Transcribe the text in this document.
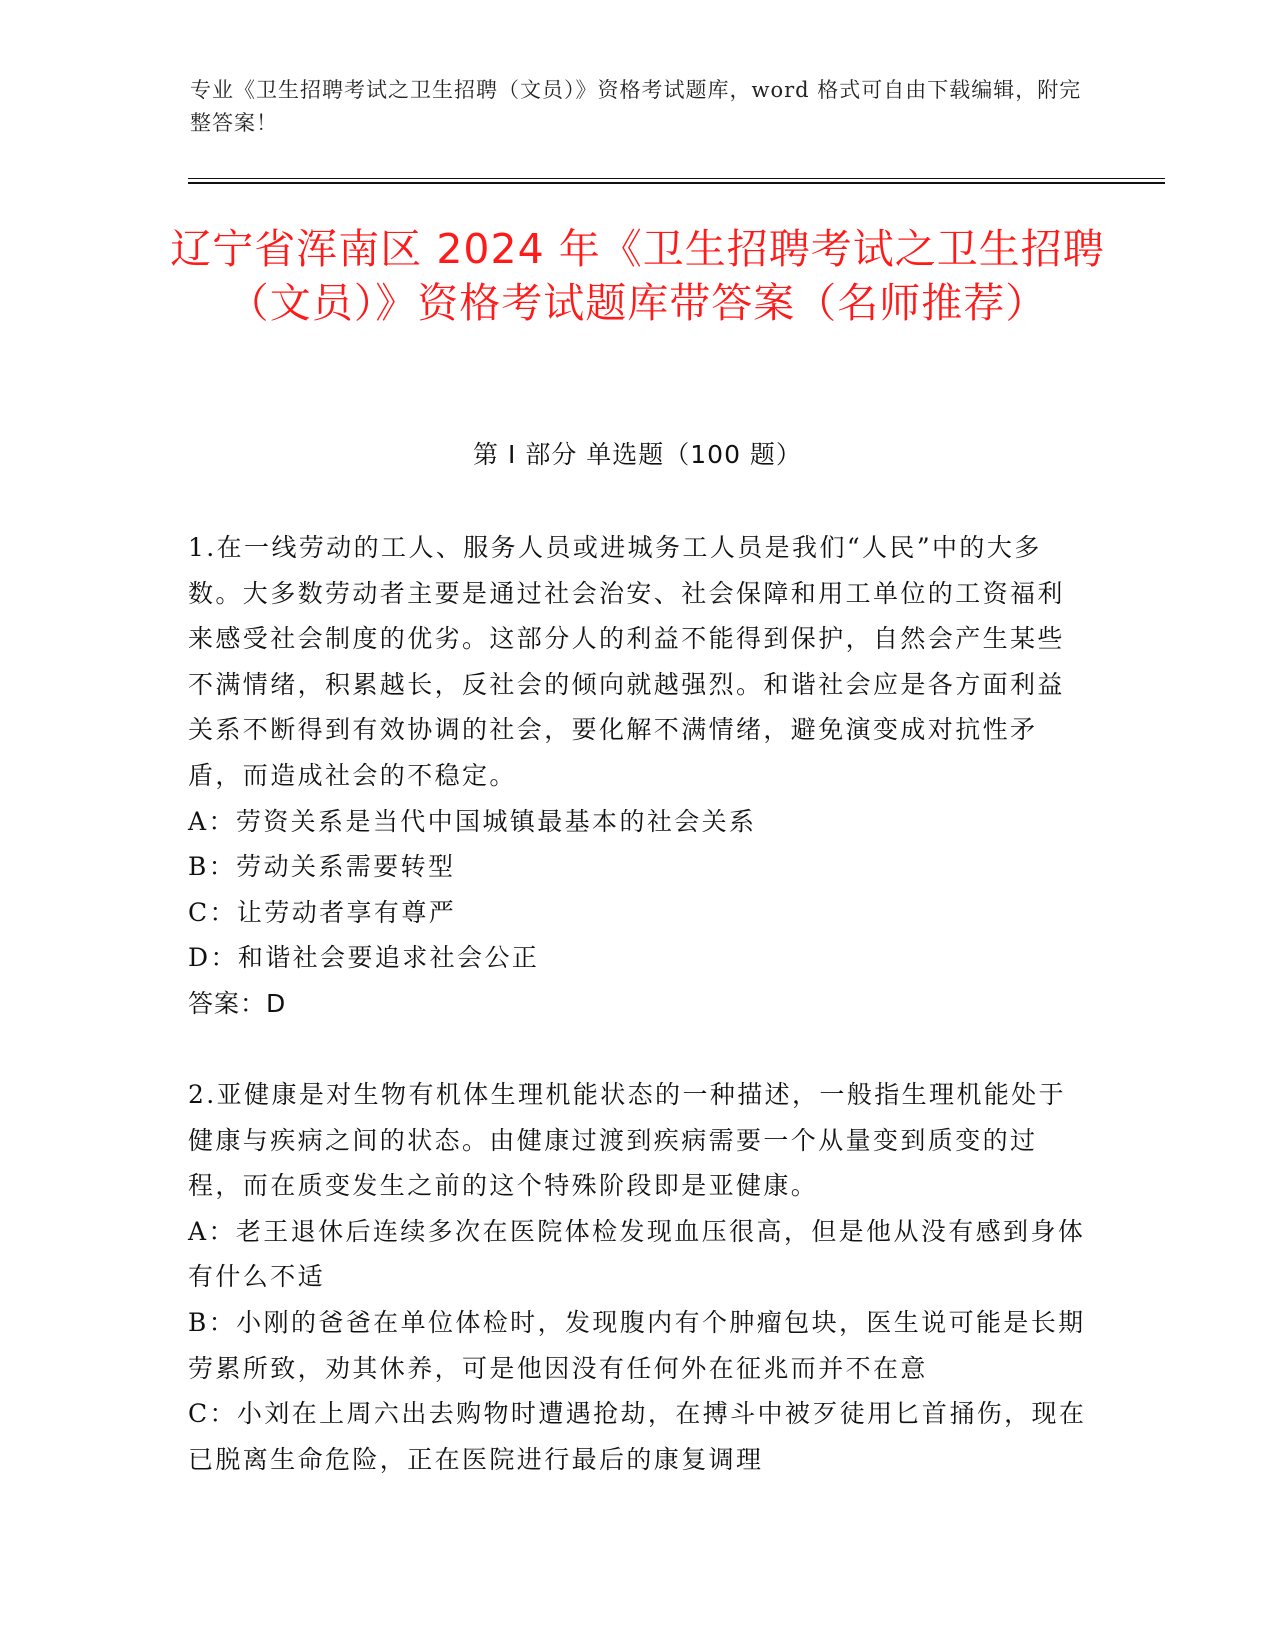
专业《卫生招聘考试之卫生招聘（文员）》资格考试题库，word 格式可自由下载编辑，附完整答案！
辽宁省浑南区 2024 年《卫生招聘考试之卫生招聘（文员）》资格考试题库带答案（名师推荐）
第 I 部分 单选题（100 题）

1.在一线劳动的工人、服务人员或进城务工人员是我们“人民”中的大多数。大多数劳动者主要是通过社会治安、社会保障和用工单位的工资福利来感受社会制度的优劣。这部分人的利益不能得到保护，自然会产生某些不满情绪，积累越长，反社会的倾向就越强烈。和谐社会应是各方面利益关系不断得到有效协调的社会，要化解不满情绪，避免演变成对抗性矛盾，而造成社会的不稳定。

A：劳资关系是当代中国城镇最基本的社会关系

B：劳动关系需要转型

C：让劳动者享有尊严

D：和谐社会要追求社会公正

答案：D

2.亚健康是对生物有机体生理机能状态的一种描述，一般指生理机能处于健康与疾病之间的状态。由健康过渡到疾病需要一个从量变到质变的过程，而在质变发生之前的这个特殊阶段即是亚健康。

A：老王退休后连续多次在医院体检发现血压很高，但是他从没有感到身体有什么不适

B：小刚的爸爸在单位体检时，发现腹内有个肿瘤包块，医生说可能是长期劳累所致，劝其休养，可是他因没有任何外在征兆而并不在意

C：小刘在上周六出去购物时遭遇抢劫，在搏斗中被歹徒用匕首捅伤，现在已脱离生命危险，正在医院进行最后的康复调理
